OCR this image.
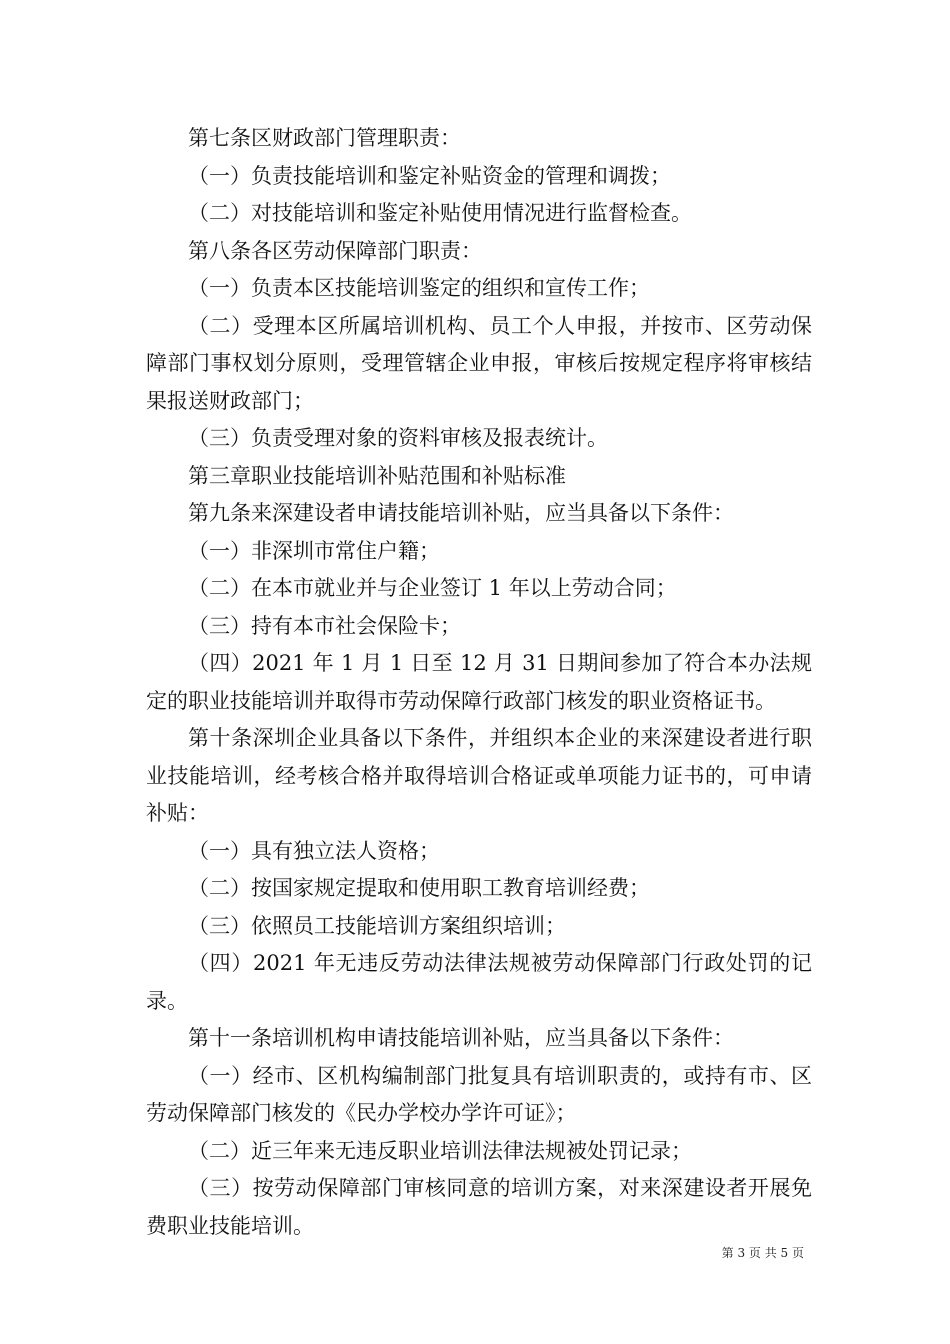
第七条区财政部门管理职责：

（一）负责技能培训和鉴定补贴资金的管理和调拨；

（二）对技能培训和鉴定补贴使用情况进行监督检查。

第八条各区劳动保障部门职责：

（一）负责本区技能培训鉴定的组织和宣传工作；

（二）受理本区所属培训机构、员工个人申报，并按市、区劳动保障部门事权划分原则，受理管辖企业申报，审核后按规定程序将审核结果报送财政部门；

（三）负责受理对象的资料审核及报表统计。

第三章职业技能培训补贴范围和补贴标准

第九条来深建设者申请技能培训补贴，应当具备以下条件：

（一）非深圳市常住户籍；

（二）在本市就业并与企业签订 1 年以上劳动合同；

（三）持有本市社会保险卡；

（四）2021 年 1 月 1 日至 12 月 31 日期间参加了符合本办法规定的职业技能培训并取得市劳动保障行政部门核发的职业资格证书。

第十条深圳企业具备以下条件，并组织本企业的来深建设者进行职业技能培训，经考核合格并取得培训合格证或单项能力证书的，可申请补贴：

（一）具有独立法人资格；

（二）按国家规定提取和使用职工教育培训经费；

（三）依照员工技能培训方案组织培训；

（四）2021 年无违反劳动法律法规被劳动保障部门行政处罚的记录。

第十一条培训机构申请技能培训补贴，应当具备以下条件：

（一）经市、区机构编制部门批复具有培训职责的，或持有市、区劳动保障部门核发的《民办学校办学许可证》；

（二）近三年来无违反职业培训法律法规被处罚记录；

（三）按劳动保障部门审核同意的培训方案，对来深建设者开展免费职业技能培训。

第 3 页 共 5 页
